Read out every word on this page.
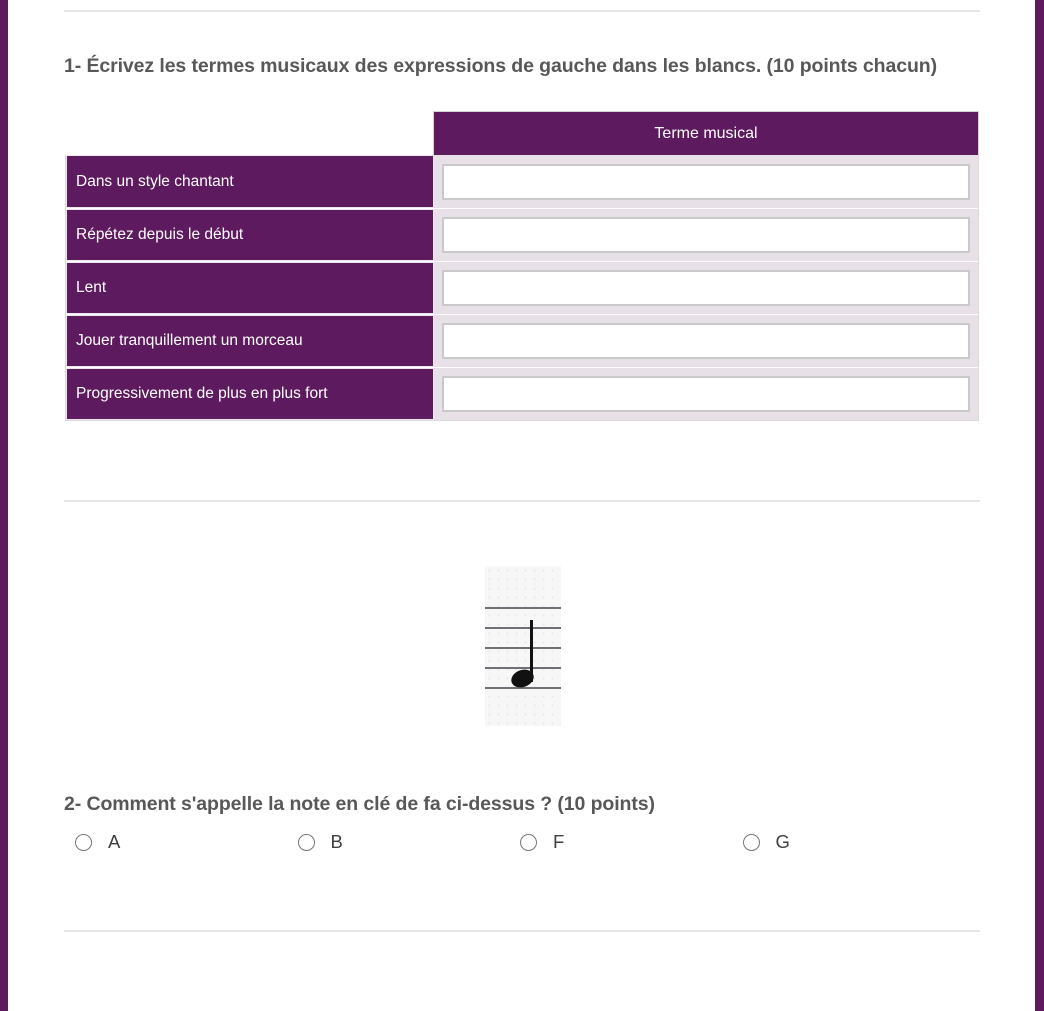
1- Écrivez les termes musicaux des expressions de gauche dans les blancs. (10 points chacun)
Terme musical
Dans un style chantant
Répétez depuis le début
Lent
Jouer tranquillement un morceau
Progressivement de plus en plus fort
2- Comment s'appelle la note en clé de fa ci-dessus ? (10 points)
A	B	F	G
